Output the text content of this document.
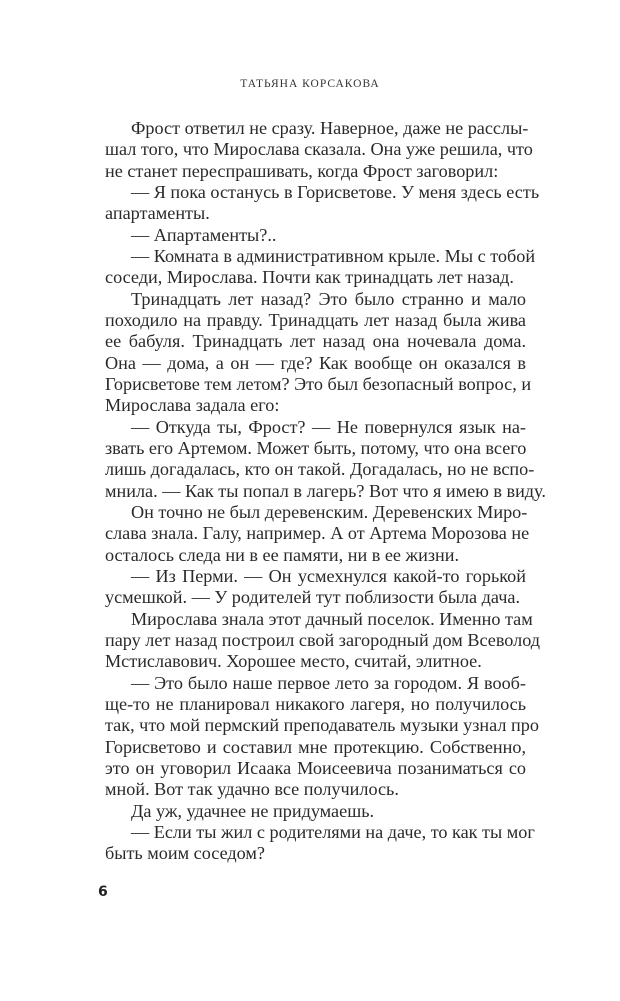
ТАТЬЯНА КОРСАКОВА
Фрост ответил не сразу. Наверное, даже не расслы-
шал того, что Мирослава сказала. Она уже решила, что
не станет переспрашивать, когда Фрост заговорил:
— Я пока останусь в Горисветове. У меня здесь есть
апартаменты.
— Апартаменты?..
— Комната в административном крыле. Мы с тобой
соседи, Мирослава. Почти как тринадцать лет назад.
Тринадцать лет назад? Это было странно и мало
походило на правду. Тринадцать лет назад была жива
ее бабуля. Тринадцать лет назад она ночевала дома.
Она — дома, а он — где? Как вообще он оказался в
Горисветове тем летом? Это был безопасный вопрос, и
Мирослава задала его:
— Откуда ты, Фрост? — Не повернулся язык на-
звать его Артемом. Может быть, потому, что она всего
лишь догадалась, кто он такой. Догадалась, но не вспо-
мнила. — Как ты попал в лагерь? Вот что я имею в виду.
Он точно не был деревенским. Деревенских Миро-
слава знала. Галу, например. А от Артема Морозова не
осталось следа ни в ее памяти, ни в ее жизни.
— Из Перми. — Он усмехнулся какой-то горькой
усмешкой. — У родителей тут поблизости была дача.
Мирослава знала этот дачный поселок. Именно там
пару лет назад построил свой загородный дом Всеволод
Мстиславович. Хорошее место, считай, элитное.
— Это было наше первое лето за городом. Я вооб-
ще-то не планировал никакого лагеря, но получилось
так, что мой пермский преподаватель музыки узнал про
Горисветово и составил мне протекцию. Собственно,
это он уговорил Исаака Моисеевича позаниматься со
мной. Вот так удачно все получилось.
Да уж, удачнее не придумаешь.
— Если ты жил с родителями на даче, то как ты мог
быть моим соседом?
6
